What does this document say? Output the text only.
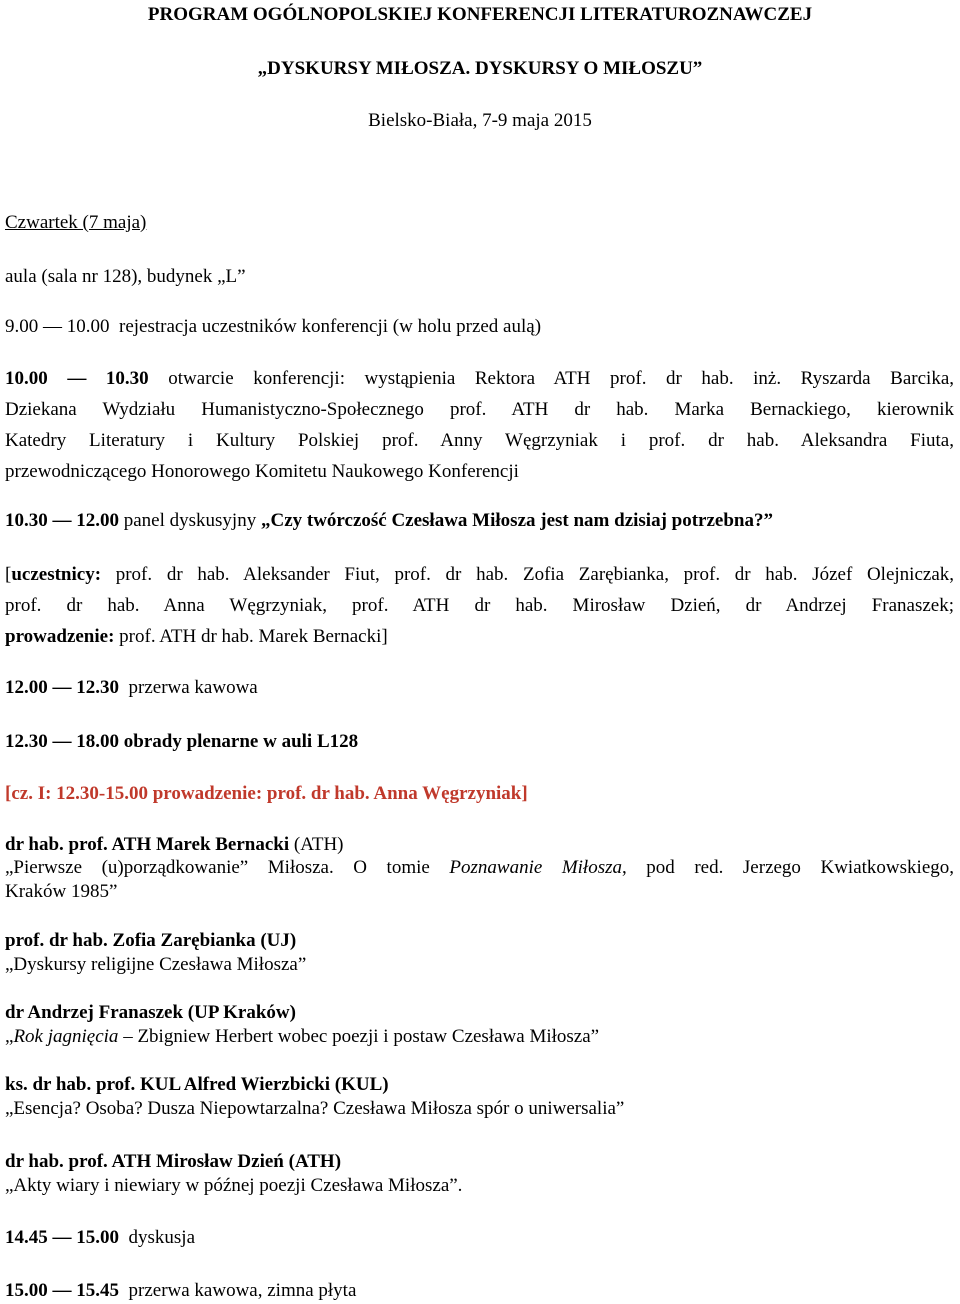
PROGRAM OGÓLNOPOLSKIEJ KONFERENCJI LITERATUROZNAWCZEJ
„DYSKURSY MIŁOSZA. DYSKURSY O MIŁOSZU”
Bielsko-Biała, 7-9 maja 2015
Czwartek (7 maja)
aula (sala nr 128), budynek „L”
9.00 — 10.00 rejestracja uczestników konferencji (w holu przed aulą)
10.00 — 10.30 otwarcie konferencji: wystąpienia Rektora ATH prof. dr hab. inż. Ryszarda Barcika,
Dziekana Wydziału Humanistyczno-Społecznego prof. ATH dr hab. Marka Bernackiego, kierownik
Katedry Literatury i Kultury Polskiej prof. Anny Węgrzyniak i prof. dr hab. Aleksandra Fiuta,
przewodniczącego Honorowego Komitetu Naukowego Konferencji
10.30 — 12.00 panel dyskusyjny „Czy twórczość Czesława Miłosza jest nam dzisiaj potrzebna?”
[uczestnicy: prof. dr hab. Aleksander Fiut, prof. dr hab. Zofia Zarębianka, prof. dr hab. Józef Olejniczak,
prof. dr hab. Anna Węgrzyniak, prof. ATH dr hab. Mirosław Dzień, dr Andrzej Franaszek;
prowadzenie: prof. ATH dr hab. Marek Bernacki]
12.00 — 12.30 przerwa kawowa
12.30 — 18.00 obrady plenarne w auli L128
[cz. I: 12.30-15.00 prowadzenie: prof. dr hab. Anna Węgrzyniak]
dr hab. prof. ATH Marek Bernacki (ATH)
„Pierwsze (u)porządkowanie” Miłosza. O tomie Poznawanie Miłosza, pod red. Jerzego Kwiatkowskiego,
Kraków 1985”
prof. dr hab. Zofia Zarębianka (UJ)
„Dyskursy religijne Czesława Miłosza”
dr Andrzej Franaszek (UP Kraków)
„Rok jagnięcia – Zbigniew Herbert wobec poezji i postaw Czesława Miłosza”
ks. dr hab. prof. KUL Alfred Wierzbicki (KUL)
„Esencja? Osoba? Dusza Niepowtarzalna? Czesława Miłosza spór o uniwersalia”
dr hab. prof. ATH Mirosław Dzień (ATH)
„Akty wiary i niewiary w późnej poezji Czesława Miłosza”.
14.45 — 15.00 dyskusja
15.00 — 15.45 przerwa kawowa, zimna płyta
